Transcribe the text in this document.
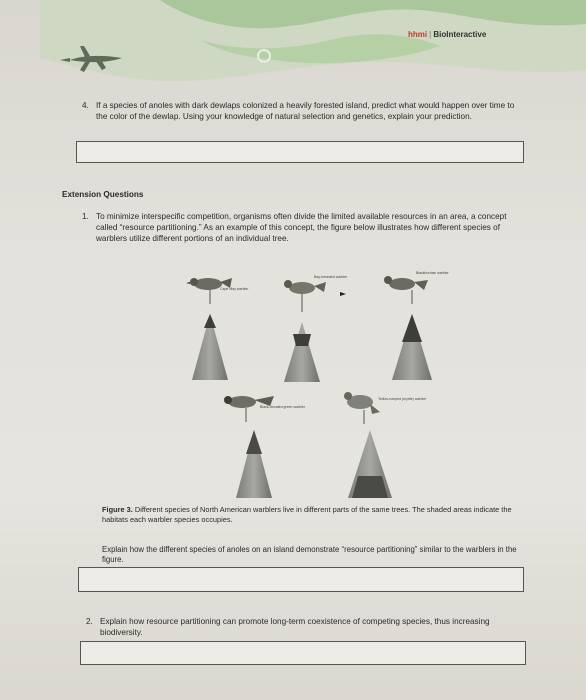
hhmi | BioInteractive
4. If a species of anoles with dark dewlaps colonized a heavily forested island, predict what would happen over time to the color of the dewlap. Using your knowledge of natural selection and genetics, explain your prediction.
Extension Questions
1. To minimize interspecific competition, organisms often divide the limited available resources in an area, a concept called “resource partitioning.” As an example of this concept, the figure below illustrates how different species of warblers utilize different portions of an individual tree.
Cape May warbler
Bay-breasted warbler
Blackburnian warbler
Black-throated green warbler
Yellow-rumped (myrtle) warbler
Figure 3. Different species of North American warblers live in different parts of the same trees. The shaded areas indicate the habitats each warbler species occupies.
Explain how the different species of anoles on an island demonstrate “resource partitioning” similar to the warblers in the figure.
2. Explain how resource partitioning can promote long-term coexistence of competing species, thus increasing biodiversity.
